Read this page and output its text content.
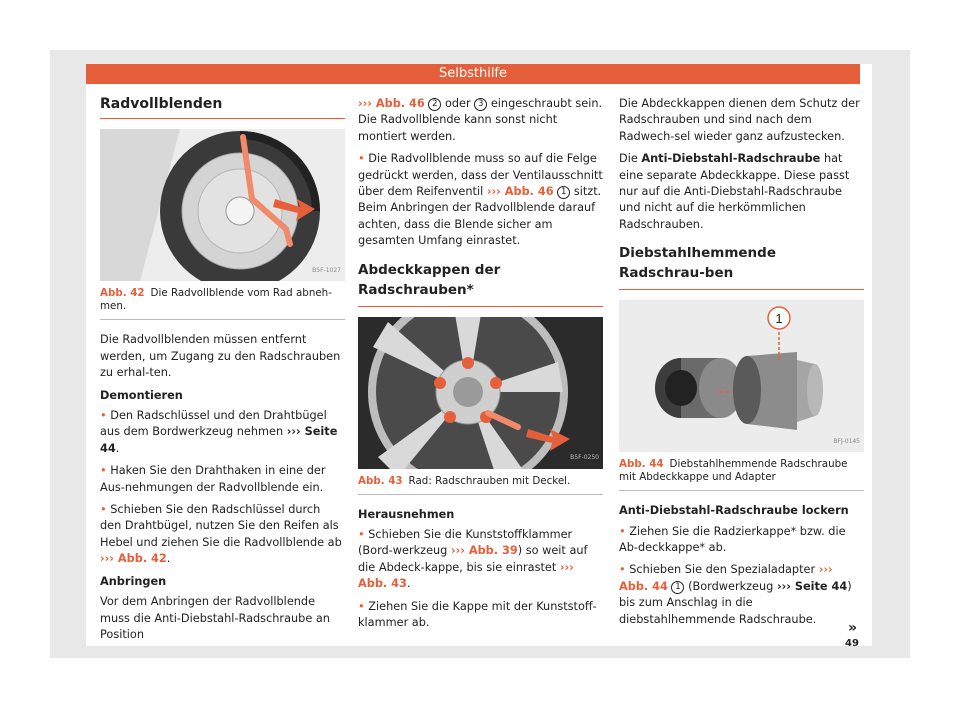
Selbsthilfe
Radvollblenden
B5F-1027
Abb. 42 Die Radvollblende vom Rad abneh-men.

Die Radvollblenden müssen entfernt werden, um Zugang zu den Radschrauben zu erhal-ten.

Demontieren

• Den Radschlüssel und den Drahtbügel aus dem Bordwerkzeug nehmen ››› Seite 44.

• Haken Sie den Drahthaken in eine der Aus-nehmungen der Radvollblende ein.

• Schieben Sie den Radschlüssel durch den Drahtbügel, nutzen Sie den Reifen als Hebel und ziehen Sie die Radvollblende ab ››› Abb. 42.

Anbringen

Vor dem Anbringen der Radvollblende muss die Anti-Diebstahl-Radschraube an Position

››› Abb. 46 2 oder 3 eingeschraubt sein. Die Radvollblende kann sonst nicht montiert werden.

• Die Radvollblende muss so auf die Felge gedrückt werden, dass der Ventilausschnitt über dem Reifenventil ››› Abb. 46 1 sitzt. Beim Anbringen der Radvollblende darauf achten, dass die Blende sicher am gesamten Umfang einrastet.

Abdeckkappen der Radschrauben*
B5F-0250
Abb. 43 Rad: Radschrauben mit Deckel.
Herausnehmen

• Schieben Sie die Kunststoffklammer (Bord-werkzeug ››› Abb. 39) so weit auf die Abdeck-kappe, bis sie einrastet ››› Abb. 43.

• Ziehen Sie die Kappe mit der Kunststoff-klammer ab.

Die Abdeckkappen dienen dem Schutz der Radschrauben und sind nach dem Radwech-sel wieder ganz aufzustecken.

Die Anti-Diebstahl-Radschraube hat eine separate Abdeckkappe. Diese passt nur auf die Anti-Diebstahl-Radschraube und nicht auf die herkömmlichen Radschrauben.

Diebstahlhemmende Radschrau-ben
1
BFJ-0145
Abb. 44 Diebstahlhemmende Radschraube mit Abdeckkappe und Adapter
Anti-Diebstahl-Radschraube lockern

• Ziehen Sie die Radzierkappe* bzw. die Ab-deckkappe* ab.

• Schieben Sie den Spezialadapter ››› Abb. 44 1 (Bordwerkzeug ››› Seite 44) bis zum Anschlag in die diebstahlhemmende Radschraube.

»
49
